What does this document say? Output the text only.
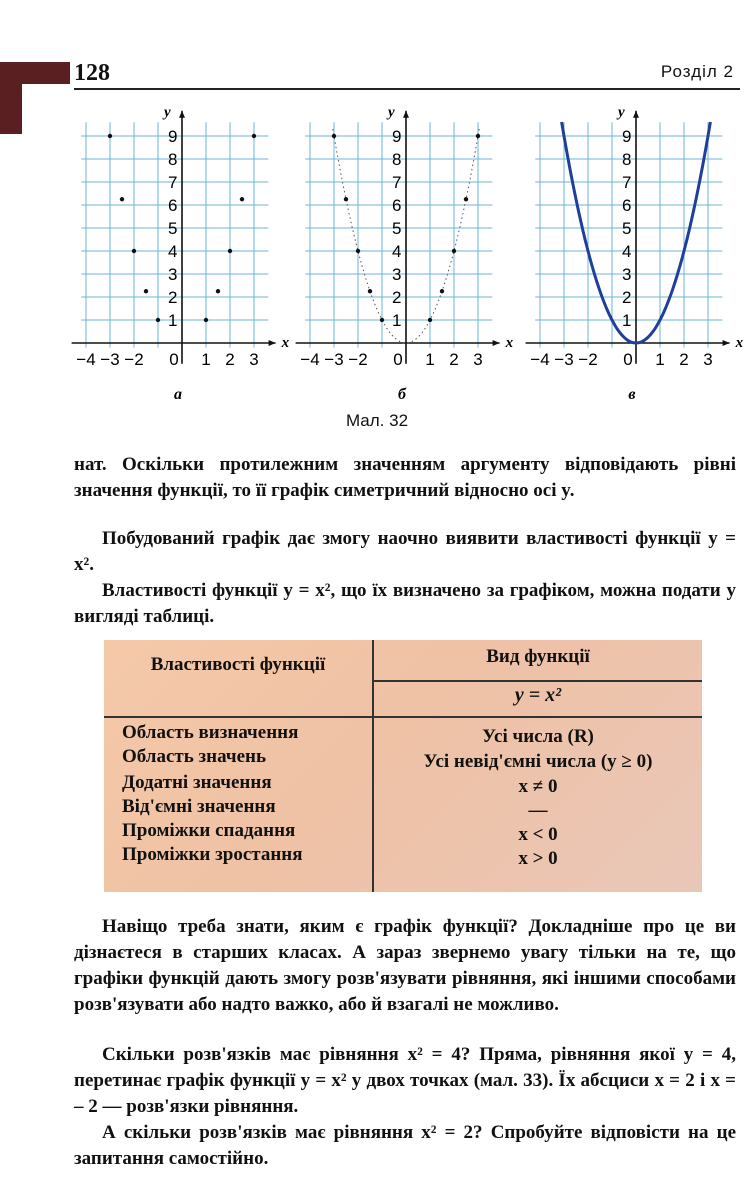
128	Розділ 2
x
y
1
2
3
4
5
6
7
8
9
−4 −3 −2 0 1 2 3
а
x
y
1
2
3
4
5
6
7
8
9
−4 −3 −2 0 1 2 3
б
x
y
1
2
3
4
5
6
7
8
9
−4 −3 −2 0 1 2 3
в
Мал. 32

нат. Оскільки протилежним значенням аргументу відповідають рівні значення функції, то її графік симетричний відносно осі y.

Побудований графік дає змогу наочно виявити властивості функції y = x².

Властивості функції y = x², що їх визначено за графіком, можна подати у вигляді таблиці.

Властивості функції	Вид функції
y = x²
Область визначення	Усі числа (R)
Область значень	Усі невід'ємні числа (y ≥ 0)
Додатні значення	x ≠ 0
Від'ємні значення	—
Проміжки спадання	x < 0
Проміжки зростання	x > 0

Навіщо треба знати, яким є графік функції? Докладніше про це ви дізнаєтеся в старших класах. А зараз звернемо увагу тільки на те, що графіки функцій дають змогу розв'язувати рівняння, які іншими способами розв'язувати або надто важко, або й взагалі не можливо.

Скільки розв'язків має рівняння x² = 4? Пряма, рівняння якої y = 4, перетинає графік функції y = x² у двох точках (мал. 33). Їх абсциси x = 2 і x = – 2 — розв'язки рівняння.

А скільки розв'язків має рівняння x² = 2? Спробуйте відповісти на це запитання самостійно.
